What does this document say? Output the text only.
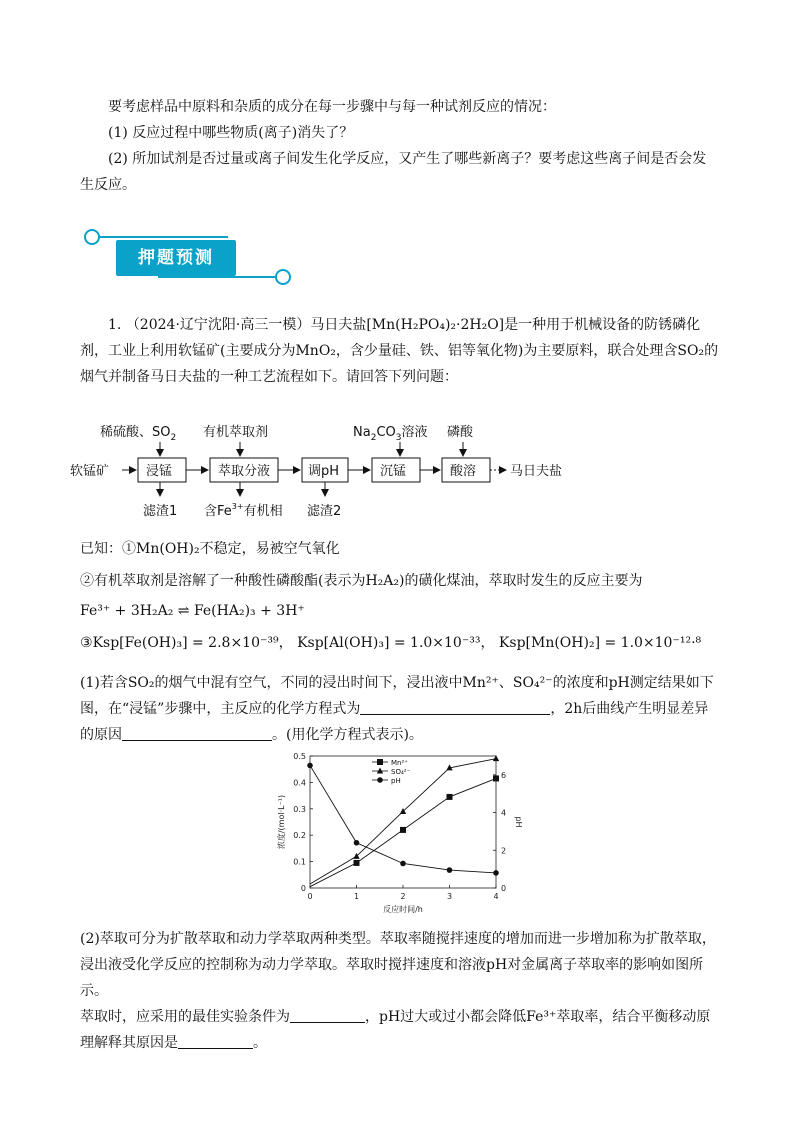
要考虑样品中原料和杂质的成分在每一步骤中与每一种试剂反应的情况：

(1) 反应过程中哪些物质(离子)消失了？

(2) 所加试剂是否过量或离子间发生化学反应，又产生了哪些新离子？要考虑这些离子间是否会发生反应。

押题预测

1. （2024·辽宁沈阳·高三一模）马日夫盐[Mn(H₂PO₄)₂·2H₂O]是一种用于机械设备的防锈磷化剂，工业上利用软锰矿(主要成分为MnO₂，含少量硅、铁、铝等氧化物)为主要原料，联合处理含SO₂的烟气并制备马日夫盐的一种工艺流程如下。请回答下列问题：

稀硫酸、$SO_2$ 有机萃取剂	$Na_2CO_3$溶液 磷酸
软锰矿	浸锰	萃取分液	调pH	沉锰	酸溶	马日夫盐
滤渣1 含$Fe^{3+}$有机相 滤渣2

已知：①Mn(OH)₂不稳定，易被空气氧化

②有机萃取剂是溶解了一种酸性磷酸酯(表示为H₂A₂)的磺化煤油，萃取时发生的反应主要为

Fe³⁺ + 3H₂A₂ ⇌ Fe(HA₂)₃ + 3H⁺

③Ksp[Fe(OH)₃] = 2.8×10⁻³⁹， Ksp[Al(OH)₃] = 1.0×10⁻³³， Ksp[Mn(OH)₂] = 1.0×10⁻¹²·⁸

(1)若含SO₂的烟气中混有空气，不同的浸出时间下，浸出液中Mn²⁺、SO₄²⁻的浓度和pH测定结果如下图，在“浸锰”步骤中，主反应的化学方程式为	，2h后曲线产生明显差异的原因	。(用化学方程式表示)。

0	1	2	3	4
0
0.1
0.2
0.3
0.4
0.5
0
2
4
6
反应时间/h
浓度/(mol·L⁻¹)	pH
Mn²⁺
SO₄²⁻
pH

(2)萃取可分为扩散萃取和动力学萃取两种类型。萃取率随搅拌速度的增加而进一步增加称为扩散萃取，浸出液受化学反应的控制称为动力学萃取。萃取时搅拌速度和溶液pH对金属离子萃取率的影响如图所示。
萃取时，应采用的最佳实验条件为	，pH过大或过小都会降低Fe³⁺萃取率，结合平衡移动原理解释其原因是	。
